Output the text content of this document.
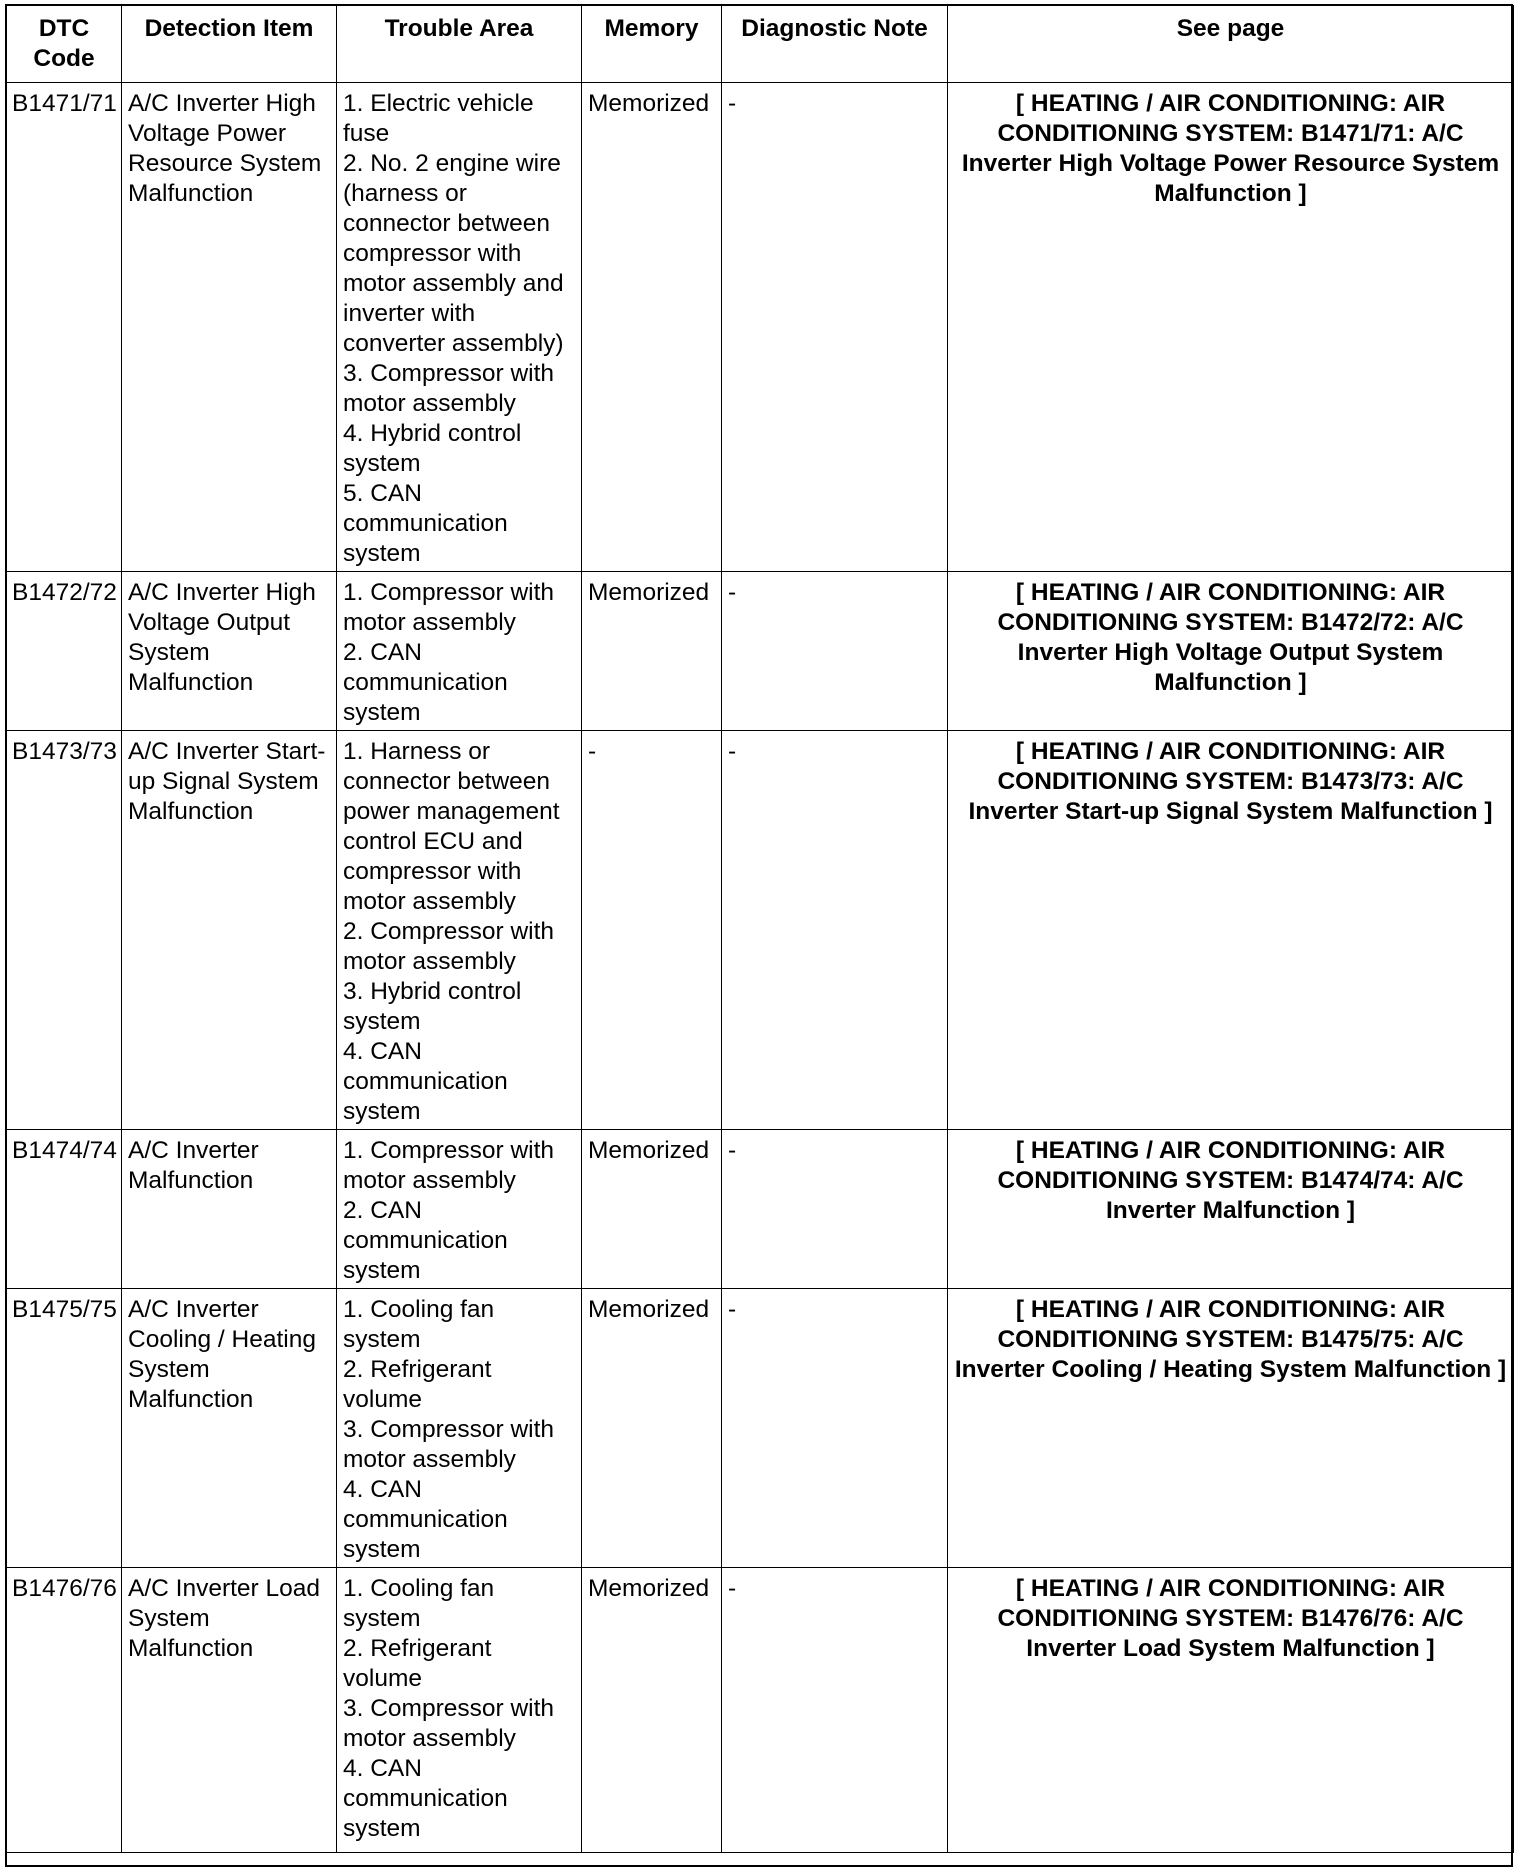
DTC Code	Detection Item	Trouble Area	Memory	Diagnostic Note	See page
B1471/71	A/C Inverter High Voltage Power Resource System Malfunction	1. Electric vehicle fuse
2. No. 2 engine wire (harness or connector between compressor with motor assembly and inverter with converter assembly)
3. Compressor with motor assembly
4. Hybrid control system
5. CAN communication system	Memorized	-	[ HEATING / AIR CONDITIONING: AIR CONDITIONING SYSTEM: B1471/71: A/C Inverter High Voltage Power Resource System Malfunction ]
B1472/72	A/C Inverter High Voltage Output System Malfunction	1. Compressor with motor assembly
2. CAN communication system	Memorized	-	[ HEATING / AIR CONDITIONING: AIR CONDITIONING SYSTEM: B1472/72: A/C Inverter High Voltage Output System Malfunction ]
B1473/73	A/C Inverter Start-up Signal System Malfunction	1. Harness or connector between power management control ECU and compressor with motor assembly
2. Compressor with motor assembly
3. Hybrid control system
4. CAN communication system	-	-	[ HEATING / AIR CONDITIONING: AIR CONDITIONING SYSTEM: B1473/73: A/C Inverter Start-up Signal System Malfunction ]
B1474/74	A/C Inverter Malfunction	1. Compressor with motor assembly
2. CAN communication system	Memorized	-	[ HEATING / AIR CONDITIONING: AIR CONDITIONING SYSTEM: B1474/74: A/C Inverter Malfunction ]
B1475/75	A/C Inverter Cooling / Heating System Malfunction	1. Cooling fan system
2. Refrigerant volume
3. Compressor with motor assembly
4. CAN communication system	Memorized	-	[ HEATING / AIR CONDITIONING: AIR CONDITIONING SYSTEM: B1475/75: A/C Inverter Cooling / Heating System Malfunction ]
B1476/76	A/C Inverter Load System Malfunction	1. Cooling fan system
2. Refrigerant volume
3. Compressor with motor assembly
4. CAN communication system	Memorized	-	[ HEATING / AIR CONDITIONING: AIR CONDITIONING SYSTEM: B1476/76: A/C Inverter Load System Malfunction ]
